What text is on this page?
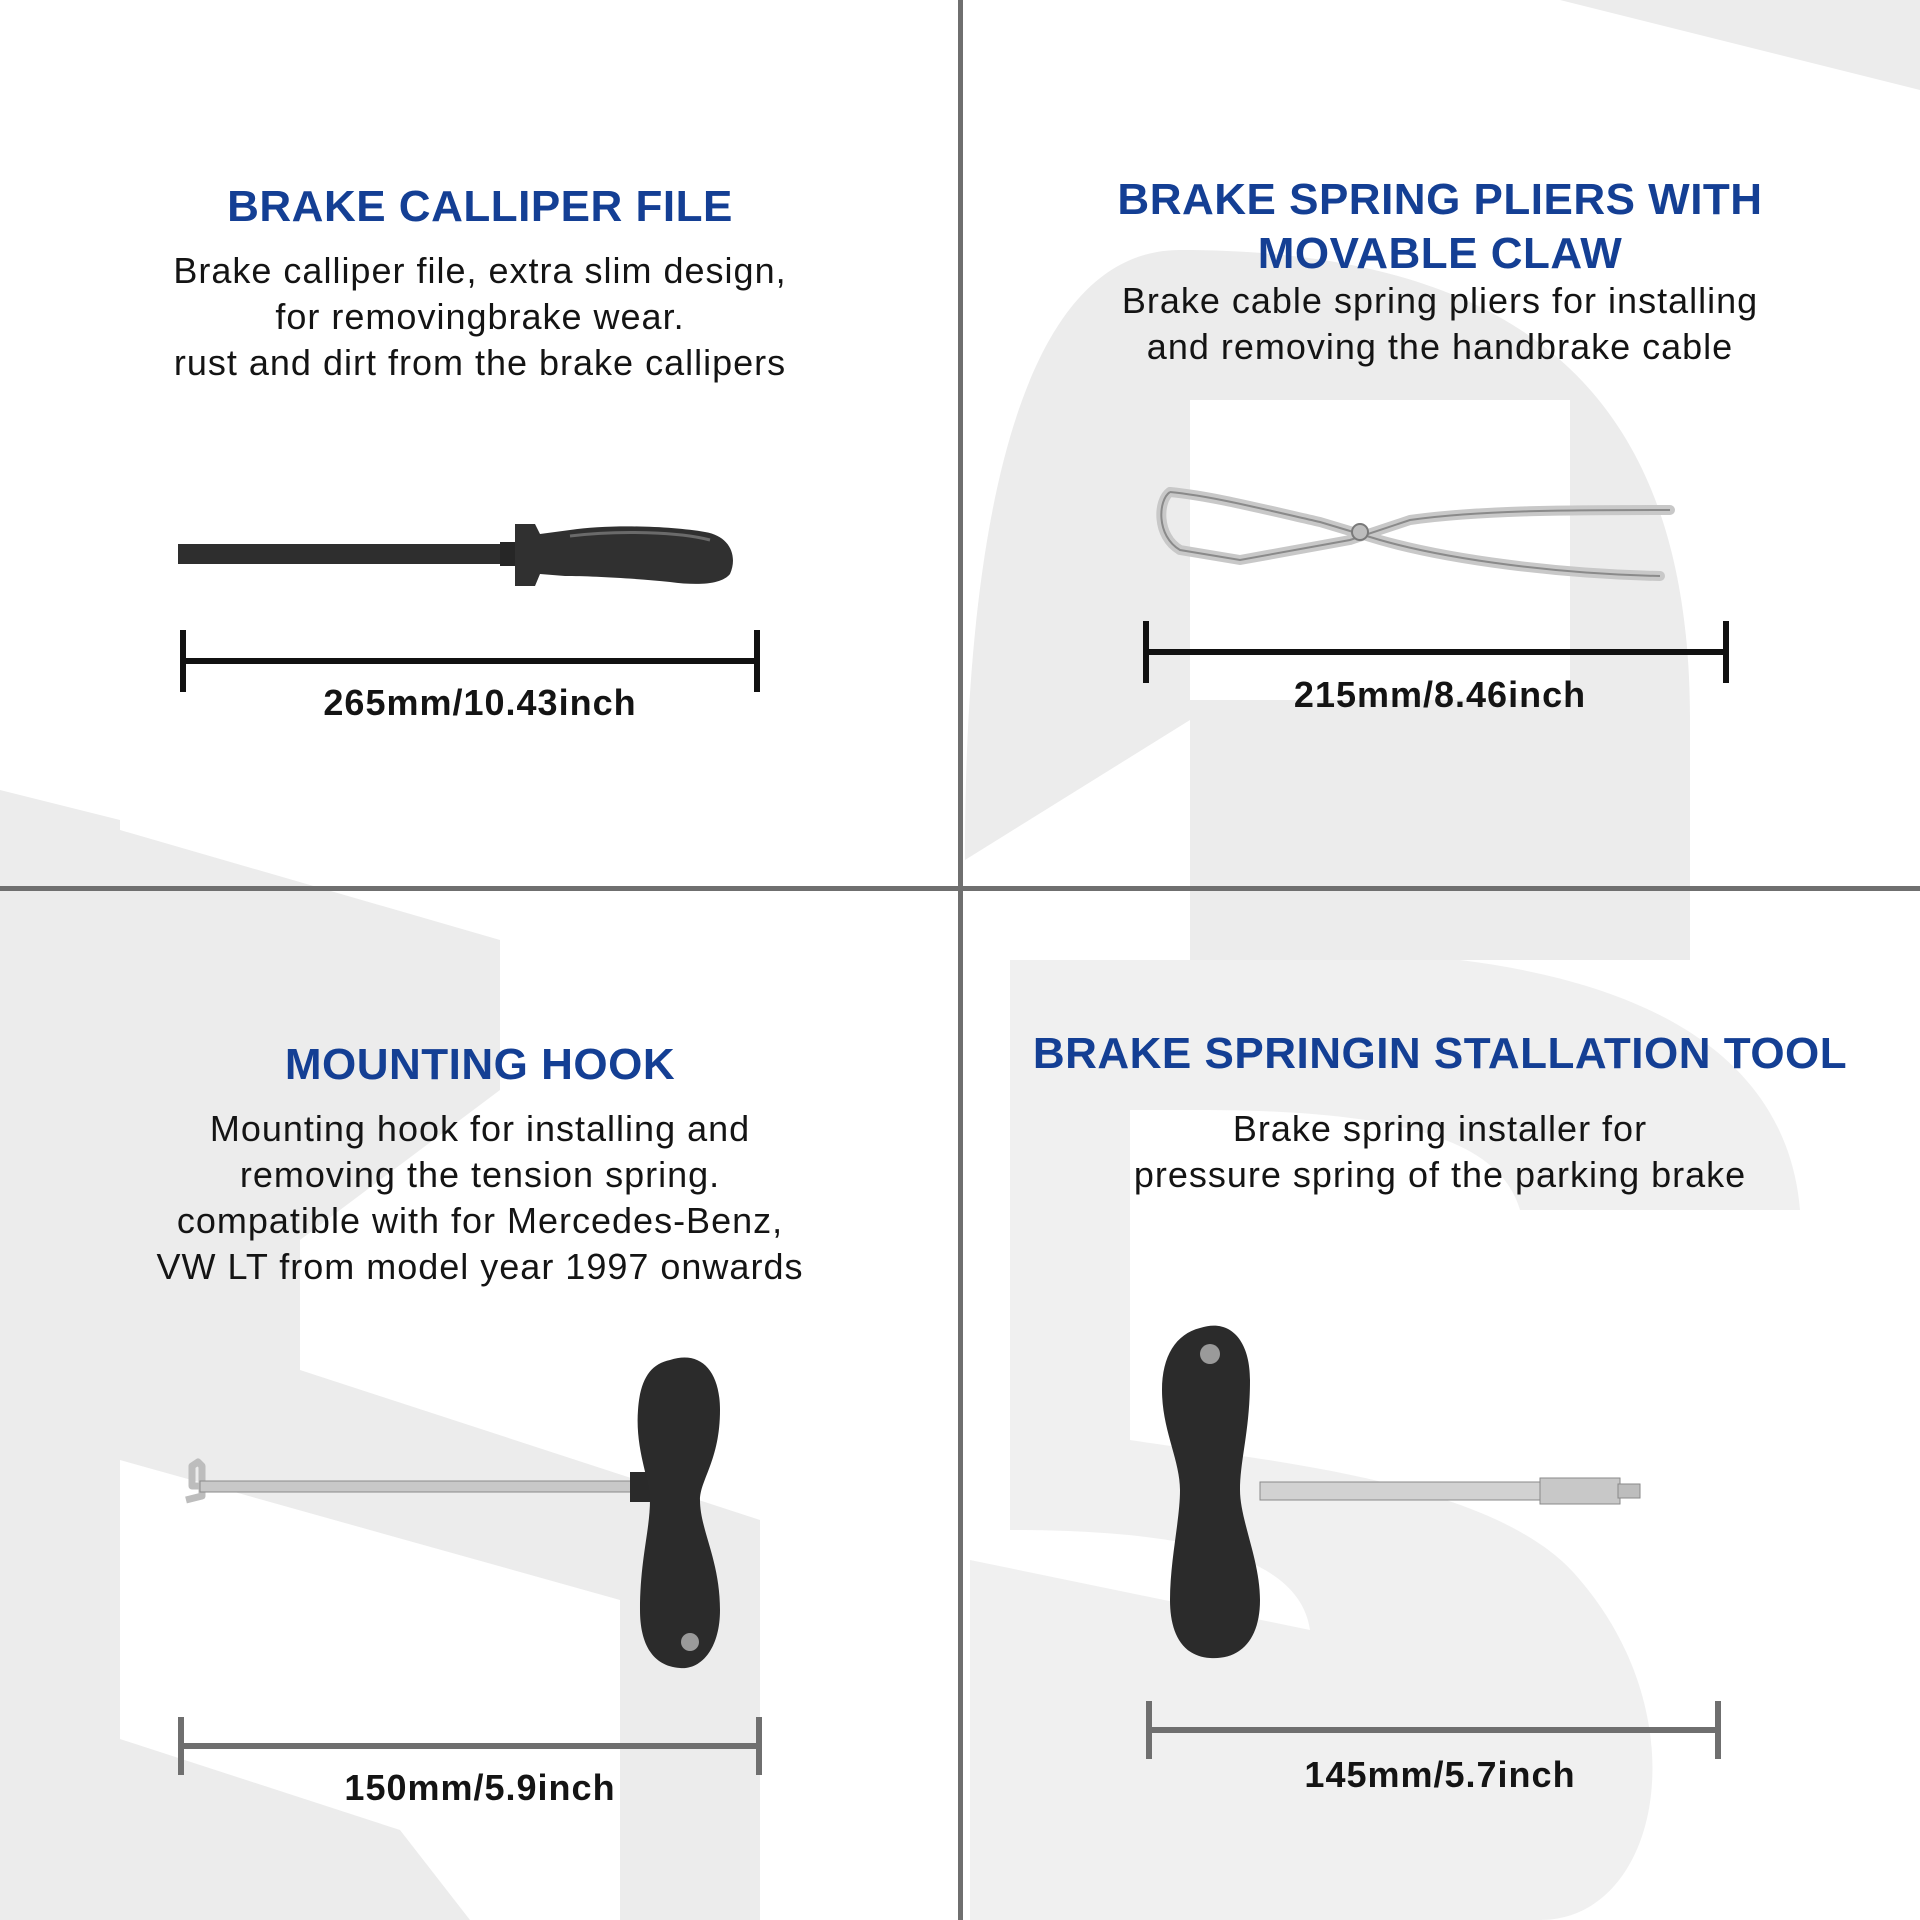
BRAKE CALLIPER FILE

Brake calliper file, extra slim design,
for removingbrake wear.
rust and dirt from the brake callipers

265mm/10.43inch
BRAKE SPRING PLIERS WITH
MOVABLE CLAW

Brake cable spring pliers for installing
and removing the handbrake cable

215mm/8.46inch
MOUNTING HOOK

Mounting hook for installing and
removing the tension spring.
compatible with for Mercedes-Benz,
VW LT from model year 1997 onwards

150mm/5.9inch
BRAKE SPRINGIN STALLATION TOOL

Brake spring installer for
pressure spring of the parking brake

145mm/5.7inch
